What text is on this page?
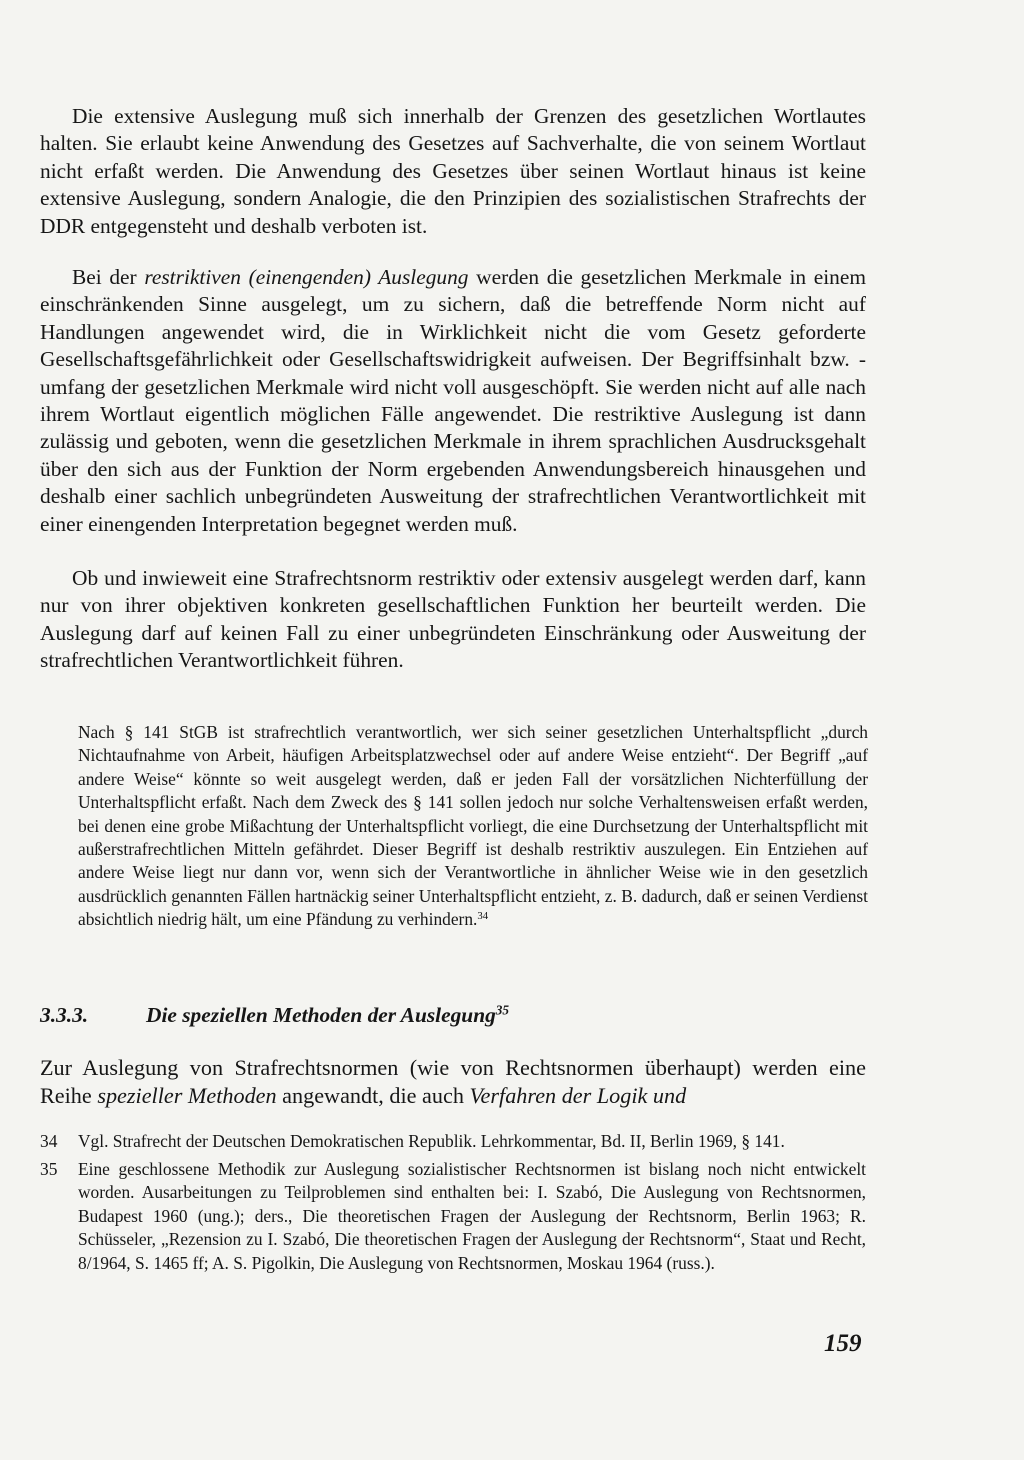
Die extensive Auslegung muß sich innerhalb der Grenzen des gesetzlichen Wortlautes halten. Sie erlaubt keine Anwendung des Gesetzes auf Sachverhalte, die von seinem Wortlaut nicht erfaßt werden. Die Anwendung des Gesetzes über seinen Wortlaut hinaus ist keine extensive Auslegung, sondern Analogie, die den Prinzipien des sozialistischen Strafrechts der DDR entgegensteht und deshalb verboten ist.

Bei der restriktiven (einengenden) Auslegung werden die gesetzlichen Merkmale in einem einschränkenden Sinne ausgelegt, um zu sichern, daß die betreffende Norm nicht auf Handlungen angewendet wird, die in Wirklichkeit nicht die vom Gesetz geforderte Gesellschaftsgefährlichkeit oder Gesellschaftswidrigkeit aufweisen. Der Begriffsinhalt bzw. -umfang der gesetzlichen Merkmale wird nicht voll ausgeschöpft. Sie werden nicht auf alle nach ihrem Wortlaut eigentlich möglichen Fälle angewendet. Die restriktive Auslegung ist dann zulässig und geboten, wenn die gesetzlichen Merkmale in ihrem sprachlichen Ausdrucksgehalt über den sich aus der Funktion der Norm ergebenden Anwendungsbereich hinausgehen und deshalb einer sachlich unbegründeten Ausweitung der strafrechtlichen Verantwortlichkeit mit einer einengenden Interpretation begegnet werden muß.

Ob und inwieweit eine Strafrechtsnorm restriktiv oder extensiv ausgelegt werden darf, kann nur von ihrer objektiven konkreten gesellschaftlichen Funktion her beurteilt werden. Die Auslegung darf auf keinen Fall zu einer unbegründeten Einschränkung oder Ausweitung der strafrechtlichen Verantwortlichkeit führen.

Nach § 141 StGB ist strafrechtlich verantwortlich, wer sich seiner gesetzlichen Unterhaltspflicht „durch Nichtaufnahme von Arbeit, häufigen Arbeitsplatzwechsel oder auf andere Weise entzieht“. Der Begriff „auf andere Weise“ könnte so weit ausgelegt werden, daß er jeden Fall der vorsätzlichen Nichterfüllung der Unterhaltspflicht erfaßt. Nach dem Zweck des § 141 sollen jedoch nur solche Verhaltensweisen erfaßt werden, bei denen eine grobe Mißachtung der Unterhaltspflicht vorliegt, die eine Durchsetzung der Unterhaltspflicht mit außerstrafrechtlichen Mitteln gefährdet. Dieser Begriff ist deshalb restriktiv auszulegen. Ein Entziehen auf andere Weise liegt nur dann vor, wenn sich der Verantwortliche in ähnlicher Weise wie in den gesetzlich ausdrücklich genannten Fällen hartnäckig seiner Unterhaltspflicht entzieht, z. B. dadurch, daß er seinen Verdienst absichtlich niedrig hält, um eine Pfändung zu verhindern.$^{34}$

3.3.3.	Die speziellen Methoden der Auslegung$^{35}$

Zur Auslegung von Strafrechtsnormen (wie von Rechtsnormen überhaupt) werden eine Reihe spezieller Methoden angewandt, die auch Verfahren der Logik und

34 Vgl. Strafrecht der Deutschen Demokratischen Republik. Lehrkommentar, Bd. II, Berlin 1969, § 141.

35 Eine geschlossene Methodik zur Auslegung sozialistischer Rechtsnormen ist bislang noch nicht entwickelt worden. Ausarbeitungen zu Teilproblemen sind enthalten bei: I. Szabó, Die Auslegung von Rechtsnormen, Budapest 1960 (ung.); ders., Die theoretischen Fragen der Auslegung der Rechtsnorm, Berlin 1963; R. Schüsseler, „Rezension zu I. Szabó, Die theoretischen Fragen der Auslegung der Rechtsnorm“, Staat und Recht, 8/1964, S. 1465 ff; A. S. Pigolkin, Die Auslegung von Rechtsnormen, Moskau 1964 (russ.).

159
